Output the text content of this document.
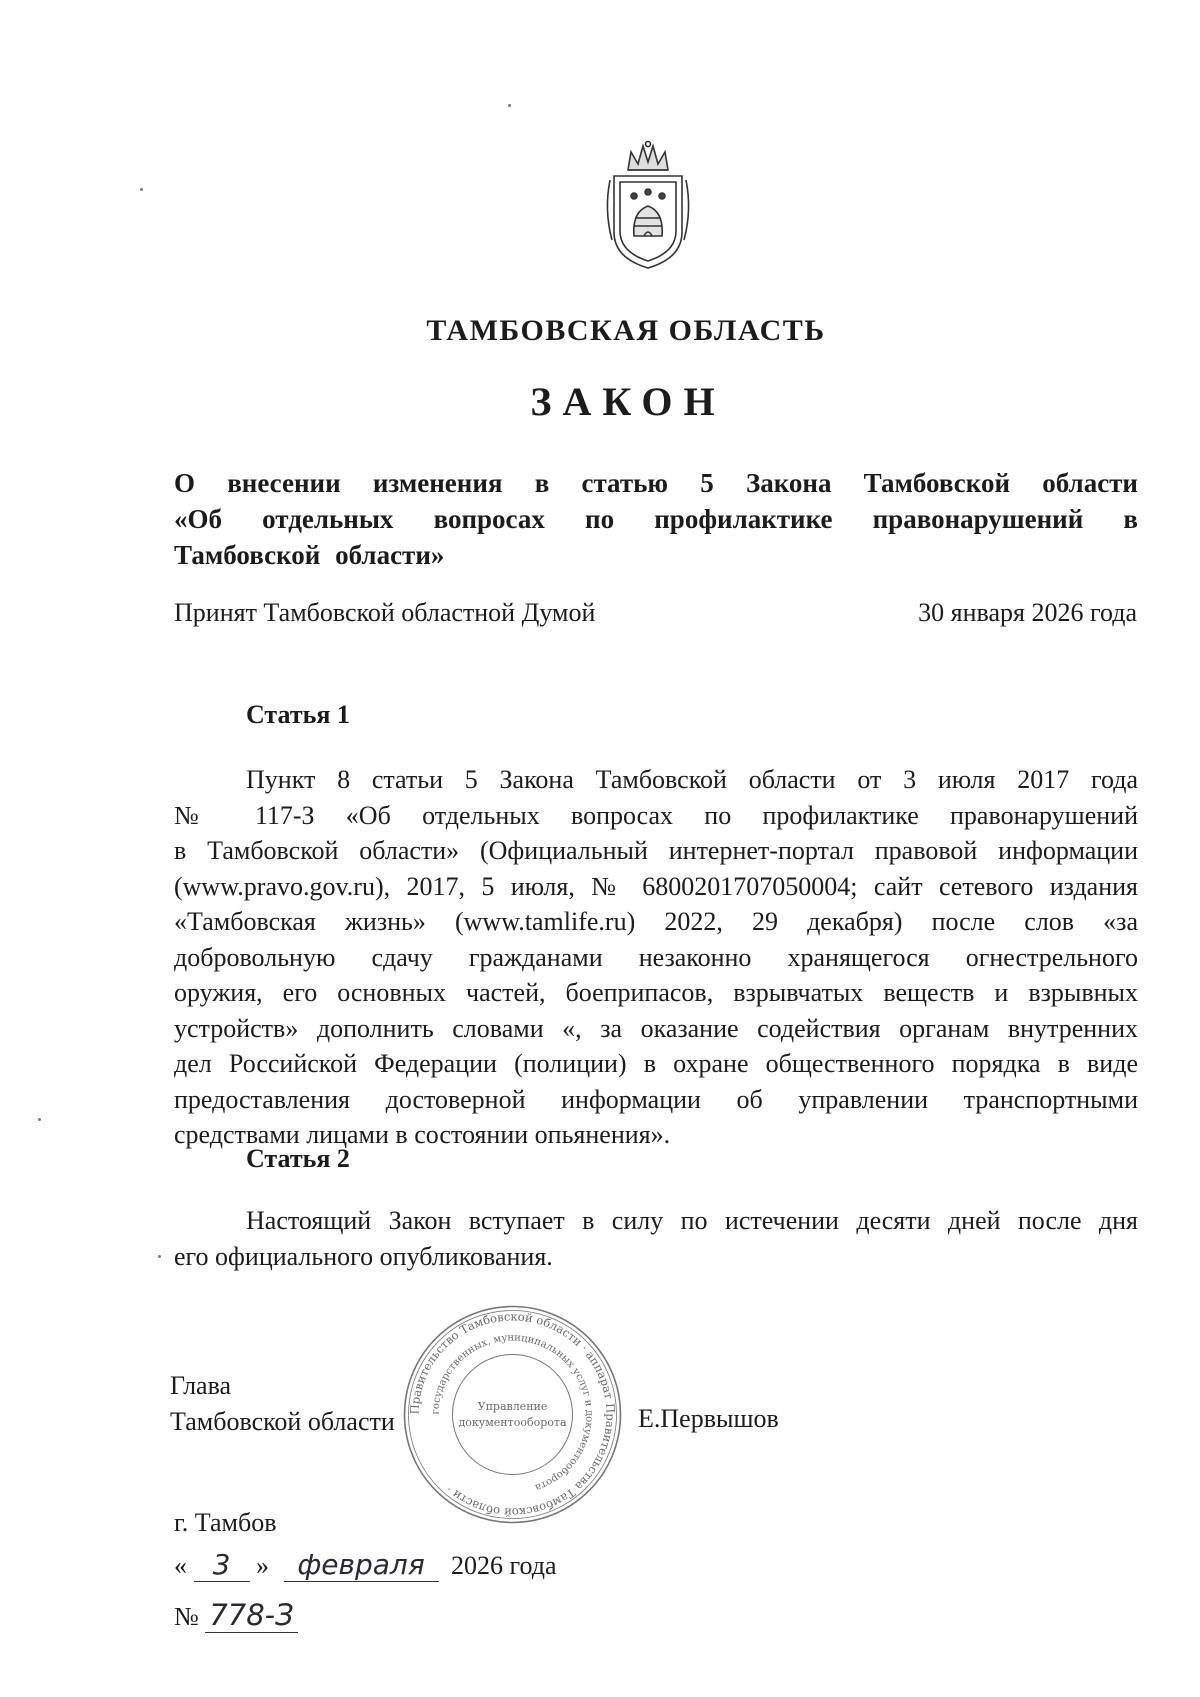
ТАМБОВСКАЯ ОБЛАСТЬ
ЗАКОН
О внесении изменения в статью 5 Закона Тамбовской области
«Об отдельных вопросах по профилактике правонарушений в
Тамбовской области»
Принят Тамбовской областной Думой	30 января 2026 года
Статья 1
Пункт 8 статьи 5 Закона Тамбовской области от 3 июля 2017 года
№ 117-З «Об отдельных вопросах по профилактике правонарушений
в Тамбовской области» (Официальный интернет-портал правовой информации
(www.pravo.gov.ru), 2017, 5 июля, № 6800201707050004; сайт сетевого издания
«Тамбовская жизнь» (www.tamlife.ru) 2022, 29 декабря) после слов «за
добровольную сдачу гражданами незаконно хранящегося огнестрельного
оружия, его основных частей, боеприпасов, взрывчатых веществ и взрывных
устройств» дополнить словами «, за оказание содействия органам внутренних
дел Российской Федерации (полиции) в охране общественного порядка в виде
предоставления достоверной информации об управлении транспортными
средствами лицами в состоянии опьянения».
Статья 2
Настоящий Закон вступает в силу по истечении десяти дней после дня
его официального опубликования.
Правительство Тамбовской области · аппарат Правительства Тамбовской области ·
государственных, муниципальных услуг и документооборота
Управление
документооборота
Глава
Тамбовской области	Е.Первышов
г. Тамбов
« 3 » февраля 2026 года
№ 778-З
